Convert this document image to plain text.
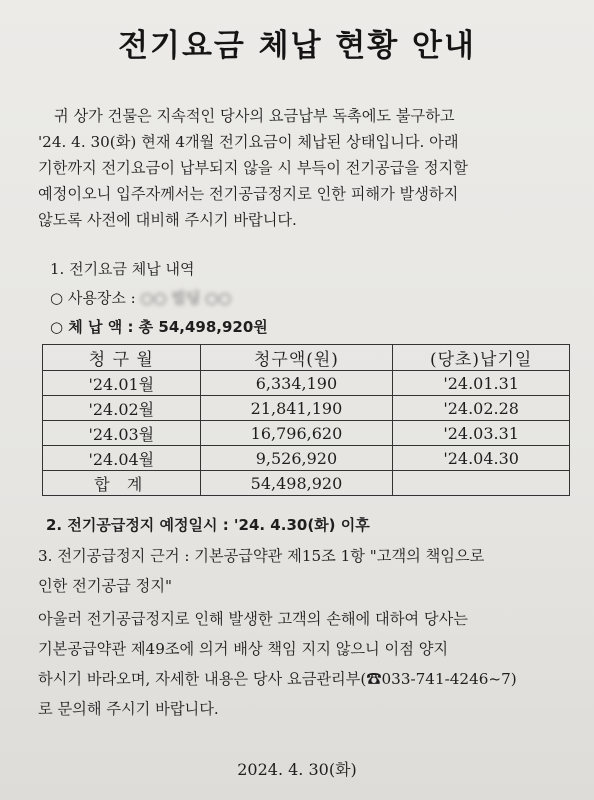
전기요금 체납 현황 안내

귀 상가 건물은 지속적인 당사의 요금납부 독촉에도 불구하고

'24. 4. 30(화) 현재 4개월 전기요금이 체납된 상태입니다. 아래

기한까지 전기요금이 납부되지 않을 시 부득이 전기공급을 정지할

예정이오니 입주자께서는 전기공급정지로 인한 피해가 발생하지

않도록 사전에 대비해 주시기 바랍니다.

1. 전기요금 체납 내역
○ 사용장소 : ○○ 빌딩 ○○
○ 체 납 액 : 총 54,498,920원
청 구 월	청구액(원)	(당초)납기일
'24.01월	6,334,190	'24.01.31
'24.02월	21,841,190	'24.02.28
'24.03월	16,796,620	'24.03.31
'24.04월	9,526,920	'24.04.30
합 계	54,498,920	
2. 전기공급정지 예정일시 : '24. 4.30(화) 이후

3. 전기공급정지 근거 : 기본공급약관 제15조 1항 "고객의 책임으로

인한 전기공급 정지"

아울러 전기공급정지로 인해 발생한 고객의 손해에 대하여 당사는

기본공급약관 제49조에 의거 배상 책임 지지 않으니 이점 양지

하시기 바라오며, 자세한 내용은 당사 요금관리부(☎033-741-4246~7)

로 문의해 주시기 바랍니다.

2024. 4. 30(화)
